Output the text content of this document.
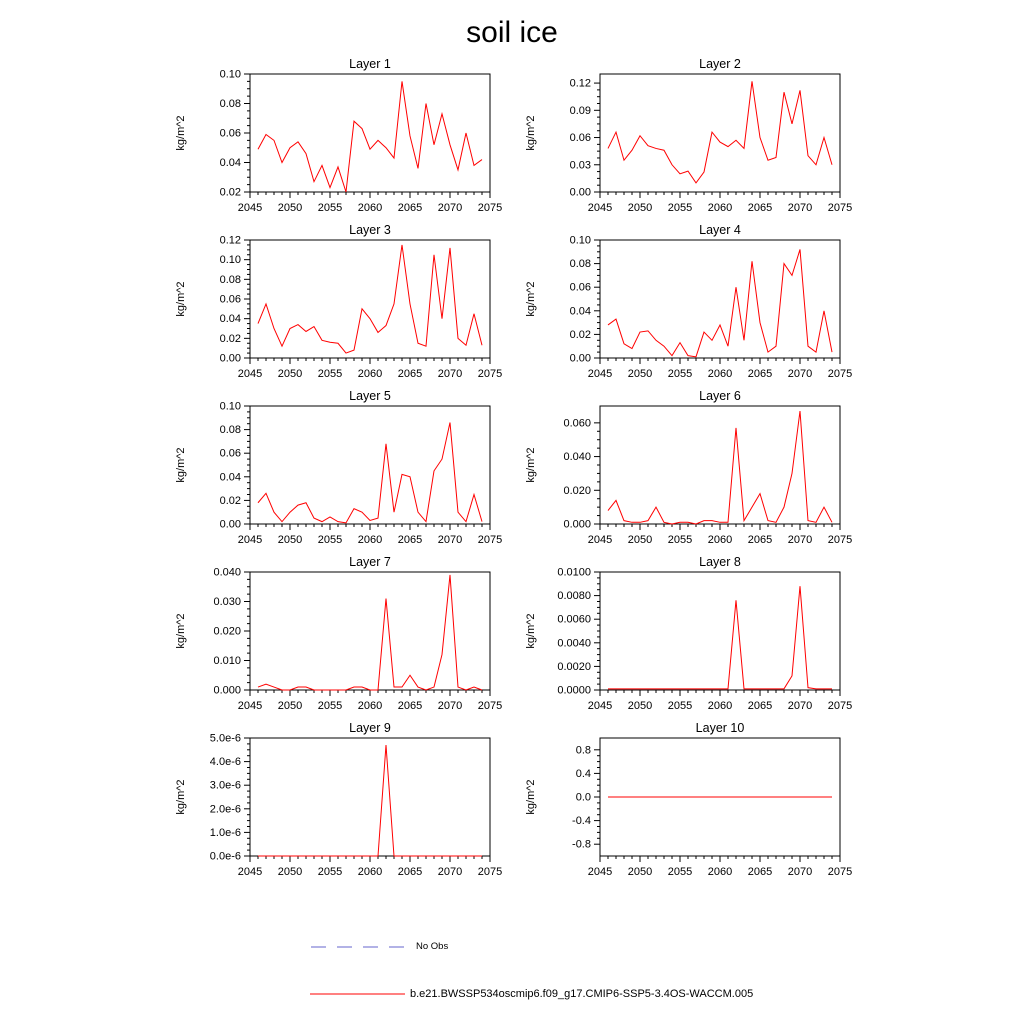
soil ice
Layer 1
2045 2050 2055 2060 2065 2070 2075
0.02
0.04
0.06
0.08
0.10
kg/m^2
Layer 2
2045 2050 2055 2060 2065 2070 2075
0.00
0.03
0.06
0.09
0.12
kg/m^2
Layer 3
2045 2050 2055 2060 2065 2070 2075
0.00
0.02
0.04
0.06
0.08
0.10
0.12
kg/m^2
Layer 4
2045 2050 2055 2060 2065 2070 2075
0.00
0.02
0.04
0.06
0.08
0.10
kg/m^2
Layer 5
2045 2050 2055 2060 2065 2070 2075
0.00
0.02
0.04
0.06
0.08
0.10
kg/m^2
Layer 6
2045 2050 2055 2060 2065 2070 2075
0.000
0.020
0.040
0.060
kg/m^2
Layer 7
2045 2050 2055 2060 2065 2070 2075
0.000
0.010
0.020
0.030
0.040
kg/m^2
Layer 8
2045 2050 2055 2060 2065 2070 2075
0.0000
0.0020
0.0040
0.0060
0.0080
0.0100
kg/m^2
Layer 9
2045 2050 2055 2060 2065 2070 2075
0.0e-6
1.0e-6
2.0e-6
3.0e-6
4.0e-6
5.0e-6
kg/m^2
Layer 10
2045 2050 2055 2060 2065 2070 2075
-0.8
-0.4
0.0
0.4
0.8
kg/m^2
No Obs
b.e21.BWSSP534oscmip6.f09_g17.CMIP6-SSP5-3.4OS-WACCM.005
